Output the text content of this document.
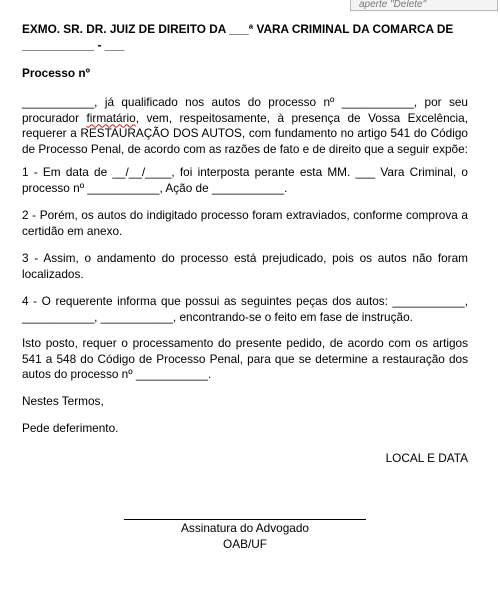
aperte "Delete"

EXMO. SR. DR. JUIZ DE DIREITO DA ___ª VARA CRIMINAL DA COMARCA DE
___________ - ___

Processo nº

___________, já qualificado nos autos do processo nº ___________, por seu procurador firmatário, vem, respeitosamente, à presença de Vossa Excelência, requerer a RESTAURAÇÃO DOS AUTOS, com fundamento no artigo 541 do Código de Processo Penal, de acordo com as razões de fato e de direito que a seguir expõe:

1 - Em data de __/__/____, foi interposta perante esta MM. ___ Vara Criminal, o processo nº ___________, Ação de ___________.

2 - Porém, os autos do indigitado processo foram extraviados, conforme comprova a certidão em anexo.

3 - Assim, o andamento do processo está prejudicado, pois os autos não foram localizados.

4 - O requerente informa que possui as seguintes peças dos autos: ___________, ___________, ___________, encontrando-se o feito em fase de instrução.

Isto posto, requer o processamento do presente pedido, de acordo com os artigos 541 a 548 do Código de Processo Penal, para que se determine a restauração dos autos do processo nº ___________.

Nestes Termos,

Pede deferimento.

LOCAL E DATA

Assinatura do Advogado

OAB/UF
